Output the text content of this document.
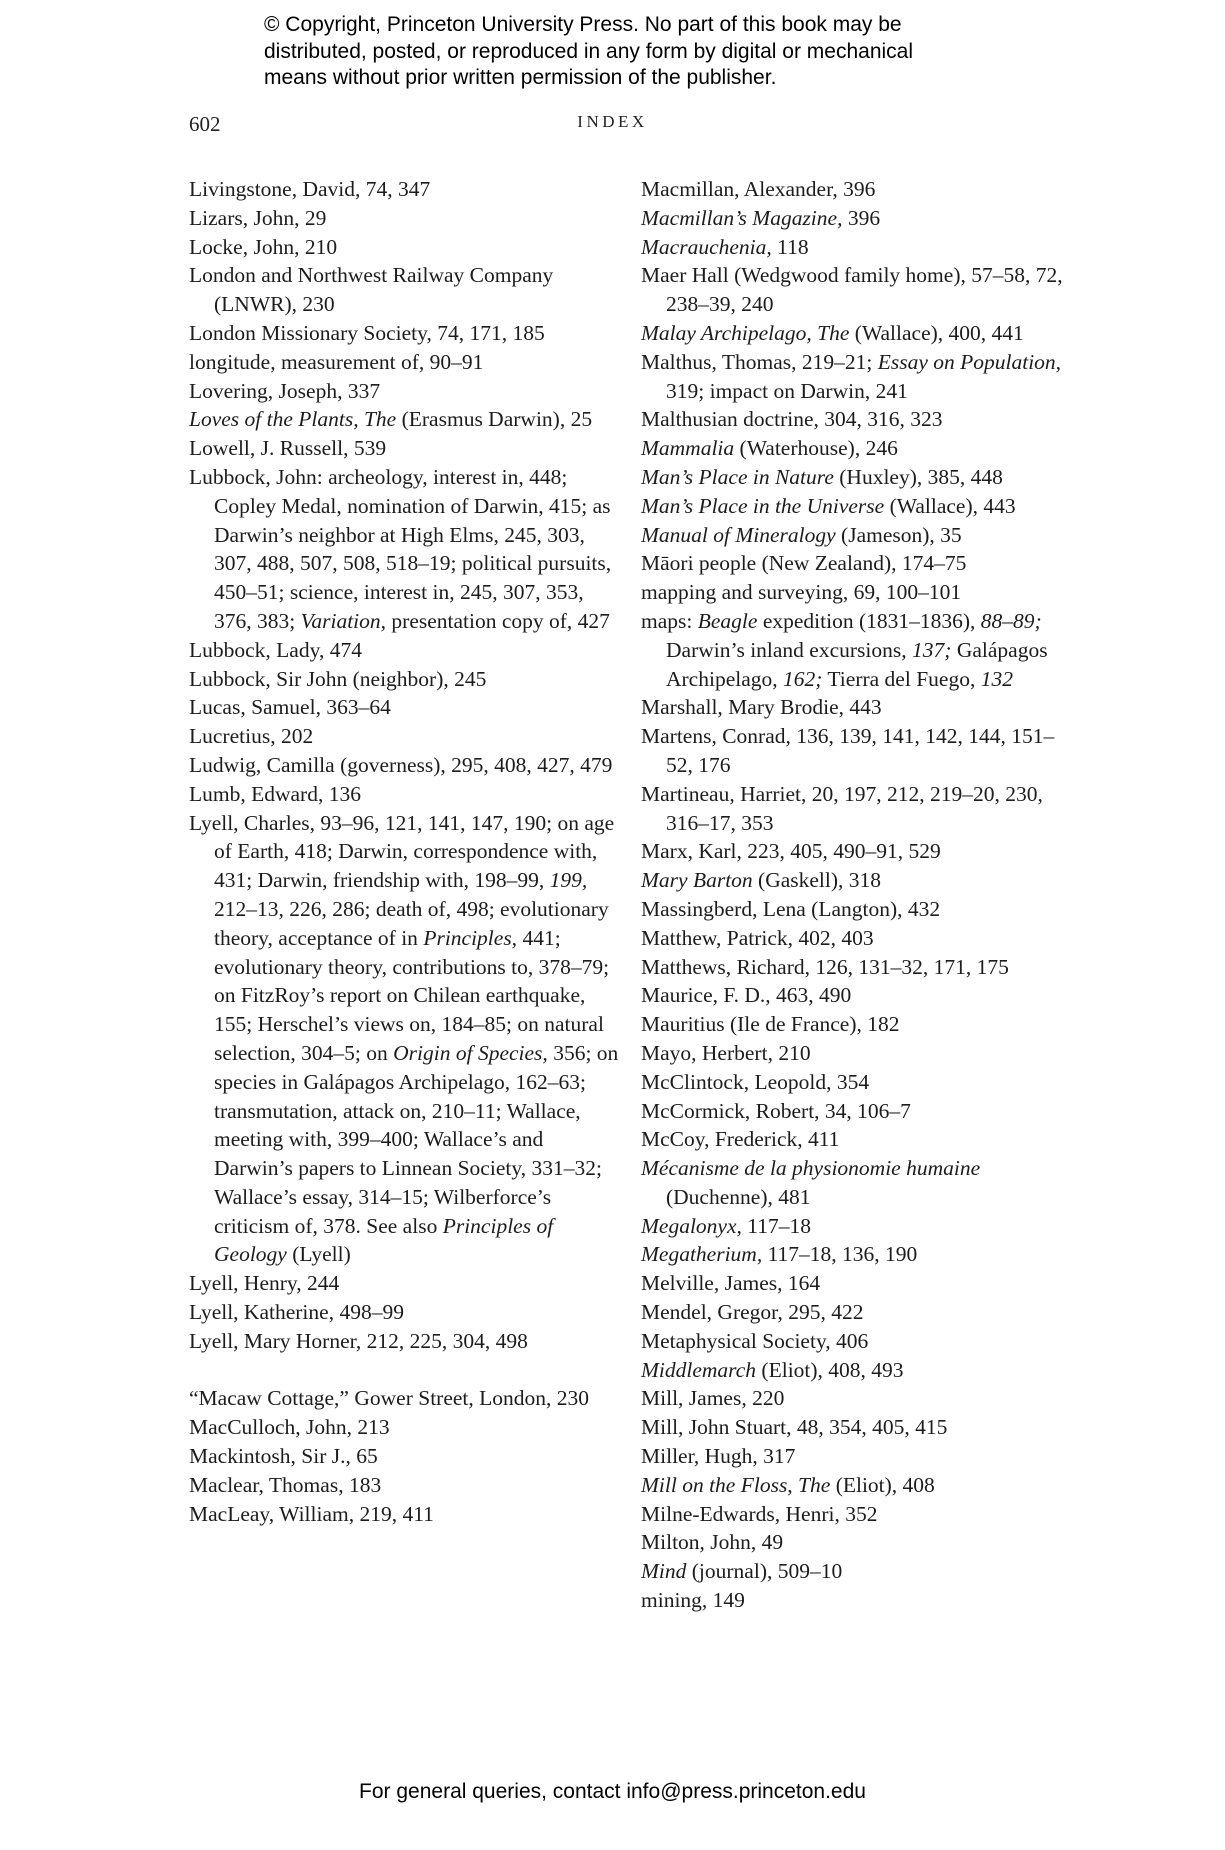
© Copyright, Princeton University Press. No part of this book may be
distributed, posted, or reproduced in any form by digital or mechanical
means without prior written permission of the publisher.
602	INDEX
Livingstone, David, 74, 347
Lizars, John, 29
Locke, John, 210
London and Northwest Railway Company (LNWR), 230
London Missionary Society, 74, 171, 185
longitude, measurement of, 90–91
Lovering, Joseph, 337
Loves of the Plants, The (Erasmus Darwin), 25
Lowell, J. Russell, 539
Lubbock, John: archeology, interest in, 448; Copley Medal, nomination of Darwin, 415; as Darwin’s neighbor at High Elms, 245, 303, 307, 488, 507, 508, 518–19; political pursuits, 450–51; science, interest in, 245, 307, 353, 376, 383; Variation, presentation copy of, 427
Lubbock, Lady, 474
Lubbock, Sir John (neighbor), 245
Lucas, Samuel, 363–64
Lucretius, 202
Ludwig, Camilla (governess), 295, 408, 427, 479
Lumb, Edward, 136
Lyell, Charles, 93–96, 121, 141, 147, 190; on age of Earth, 418; Darwin, correspondence with, 431; Darwin, friendship with, 198–99, 199, 212–13, 226, 286; death of, 498; evolutionary theory, acceptance of in Principles, 441; evolutionary theory, contributions to, 378–79; on FitzRoy’s report on Chilean earthquake, 155; Herschel’s views on, 184–85; on natural selection, 304–5; on Origin of Species, 356; on species in Galápagos Archipelago, 162–63; transmutation, attack on, 210–11; Wallace, meeting with, 399–400; Wallace’s and Darwin’s papers to Linnean Society, 331–32; Wallace’s essay, 314–15; Wilberforce’s criticism of, 378. See also Principles of Geology (Lyell)
Lyell, Henry, 244
Lyell, Katherine, 498–99
Lyell, Mary Horner, 212, 225, 304, 498
“Macaw Cottage,” Gower Street, London, 230
MacCulloch, John, 213
Mackintosh, Sir J., 65
Maclear, Thomas, 183
MacLeay, William, 219, 411
Macmillan, Alexander, 396
Macmillan’s Magazine, 396
Macrauchenia, 118
Maer Hall (Wedgwood family home), 57–58, 72, 238–39, 240
Malay Archipelago, The (Wallace), 400, 441
Malthus, Thomas, 219–21; Essay on Population, 319; impact on Darwin, 241
Malthusian doctrine, 304, 316, 323
Mammalia (Waterhouse), 246
Man’s Place in Nature (Huxley), 385, 448
Man’s Place in the Universe (Wallace), 443
Manual of Mineralogy (Jameson), 35
Māori people (New Zealand), 174–75
mapping and surveying, 69, 100–101
maps: Beagle expedition (1831–1836), 88–89; Darwin’s inland excursions, 137; Galápagos Archipelago, 162; Tierra del Fuego, 132
Marshall, Mary Brodie, 443
Martens, Conrad, 136, 139, 141, 142, 144, 151–52, 176
Martineau, Harriet, 20, 197, 212, 219–20, 230, 316–17, 353
Marx, Karl, 223, 405, 490–91, 529
Mary Barton (Gaskell), 318
Massingberd, Lena (Langton), 432
Matthew, Patrick, 402, 403
Matthews, Richard, 126, 131–32, 171, 175
Maurice, F. D., 463, 490
Mauritius (Ile de France), 182
Mayo, Herbert, 210
McClintock, Leopold, 354
McCormick, Robert, 34, 106–7
McCoy, Frederick, 411
Mécanisme de la physionomie humaine (Duchenne), 481
Megalonyx, 117–18
Megatherium, 117–18, 136, 190
Melville, James, 164
Mendel, Gregor, 295, 422
Metaphysical Society, 406
Middlemarch (Eliot), 408, 493
Mill, James, 220
Mill, John Stuart, 48, 354, 405, 415
Miller, Hugh, 317
Mill on the Floss, The (Eliot), 408
Milne-Edwards, Henri, 352
Milton, John, 49
Mind (journal), 509–10
mining, 149
For general queries, contact info@press.princeton.edu
